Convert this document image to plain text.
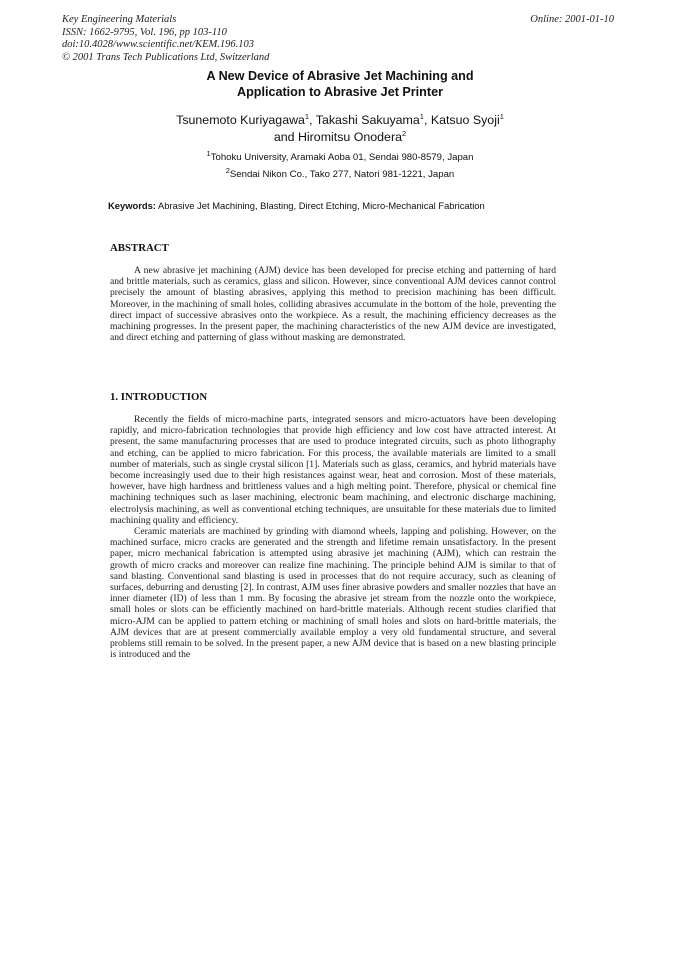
Key Engineering Materials
ISSN: 1662-9795, Vol. 196, pp 103-110
doi:10.4028/www.scientific.net/KEM.196.103
© 2001 Trans Tech Publications Ltd, Switzerland
Online: 2001-01-10
A New Device of Abrasive Jet Machining and
Application to Abrasive Jet Printer
Tsunemoto Kuriyagawa$^1$, Takashi Sakuyama$^1$, Katsuo Syoji$^1$
and Hiromitsu Onodera$^2$
$^1$Tohoku University, Aramaki Aoba 01, Sendai 980-8579, Japan
$^2$Sendai Nikon Co., Tako 277, Natori 981-1221, Japan
Keywords: Abrasive Jet Machining, Blasting, Direct Etching, Micro-Mechanical Fabrication
ABSTRACT

A new abrasive jet machining (AJM) device has been developed for precise etching and patterning of hard and brittle materials, such as ceramics, glass and silicon. However, since conventional AJM devices cannot control precisely the amount of blasting abrasives, applying this method to precision machining has been difficult. Moreover, in the machining of small holes, colliding abrasives accumulate in the bottom of the hole, preventing the direct impact of successive abrasives onto the workpiece. As a result, the machining efficiency decreases as the machining progresses. In the present paper, the machining characteristics of the new AJM device are investigated, and direct etching and patterning of glass without masking are demonstrated.

1. INTRODUCTION

Recently the fields of micro-machine parts, integrated sensors and micro-actuators have been developing rapidly, and micro-fabrication technologies that provide high efficiency and low cost have attracted interest. At present, the same manufacturing processes that are used to produce integrated circuits, such as photo lithography and etching, can be applied to micro fabrication. For this process, the available materials are limited to a small number of materials, such as single crystal silicon [1]. Materials such as glass, ceramics, and hybrid materials have become increasingly used due to their high resistances against wear, heat and corrosion. Most of these materials, however, have high hardness and brittleness values and a high melting point. Therefore, physical or chemical fine machining techniques such as laser machining, electronic beam machining, and electronic discharge machining, electrolysis machining, as well as conventional etching techniques, are unsuitable for these materials due to limited machining quality and efficiency.

Ceramic materials are machined by grinding with diamond wheels, lapping and polishing. However, on the machined surface, micro cracks are generated and the strength and lifetime remain unsatisfactory. In the present paper, micro mechanical fabrication is attempted using abrasive jet machining (AJM), which can restrain the growth of micro cracks and moreover can realize fine machining. The principle behind AJM is similar to that of sand blasting. Conventional sand blasting is used in processes that do not require accuracy, such as cleaning of surfaces, deburring and derusting [2]. In contrast, AJM uses finer abrasive powders and smaller nozzles that have an inner diameter (ID) of less than 1 mm. By focusing the abrasive jet stream from the nozzle onto the workpiece, small holes or slots can be efficiently machined on hard-brittle materials. Although recent studies clarified that micro-AJM can be applied to pattern etching or machining of small holes and slots on hard-brittle materials, the AJM devices that are at present commercially available employ a very old fundamental structure, and several problems still remain to be solved. In the present paper, a new AJM device that is based on a new blasting principle is introduced and the
